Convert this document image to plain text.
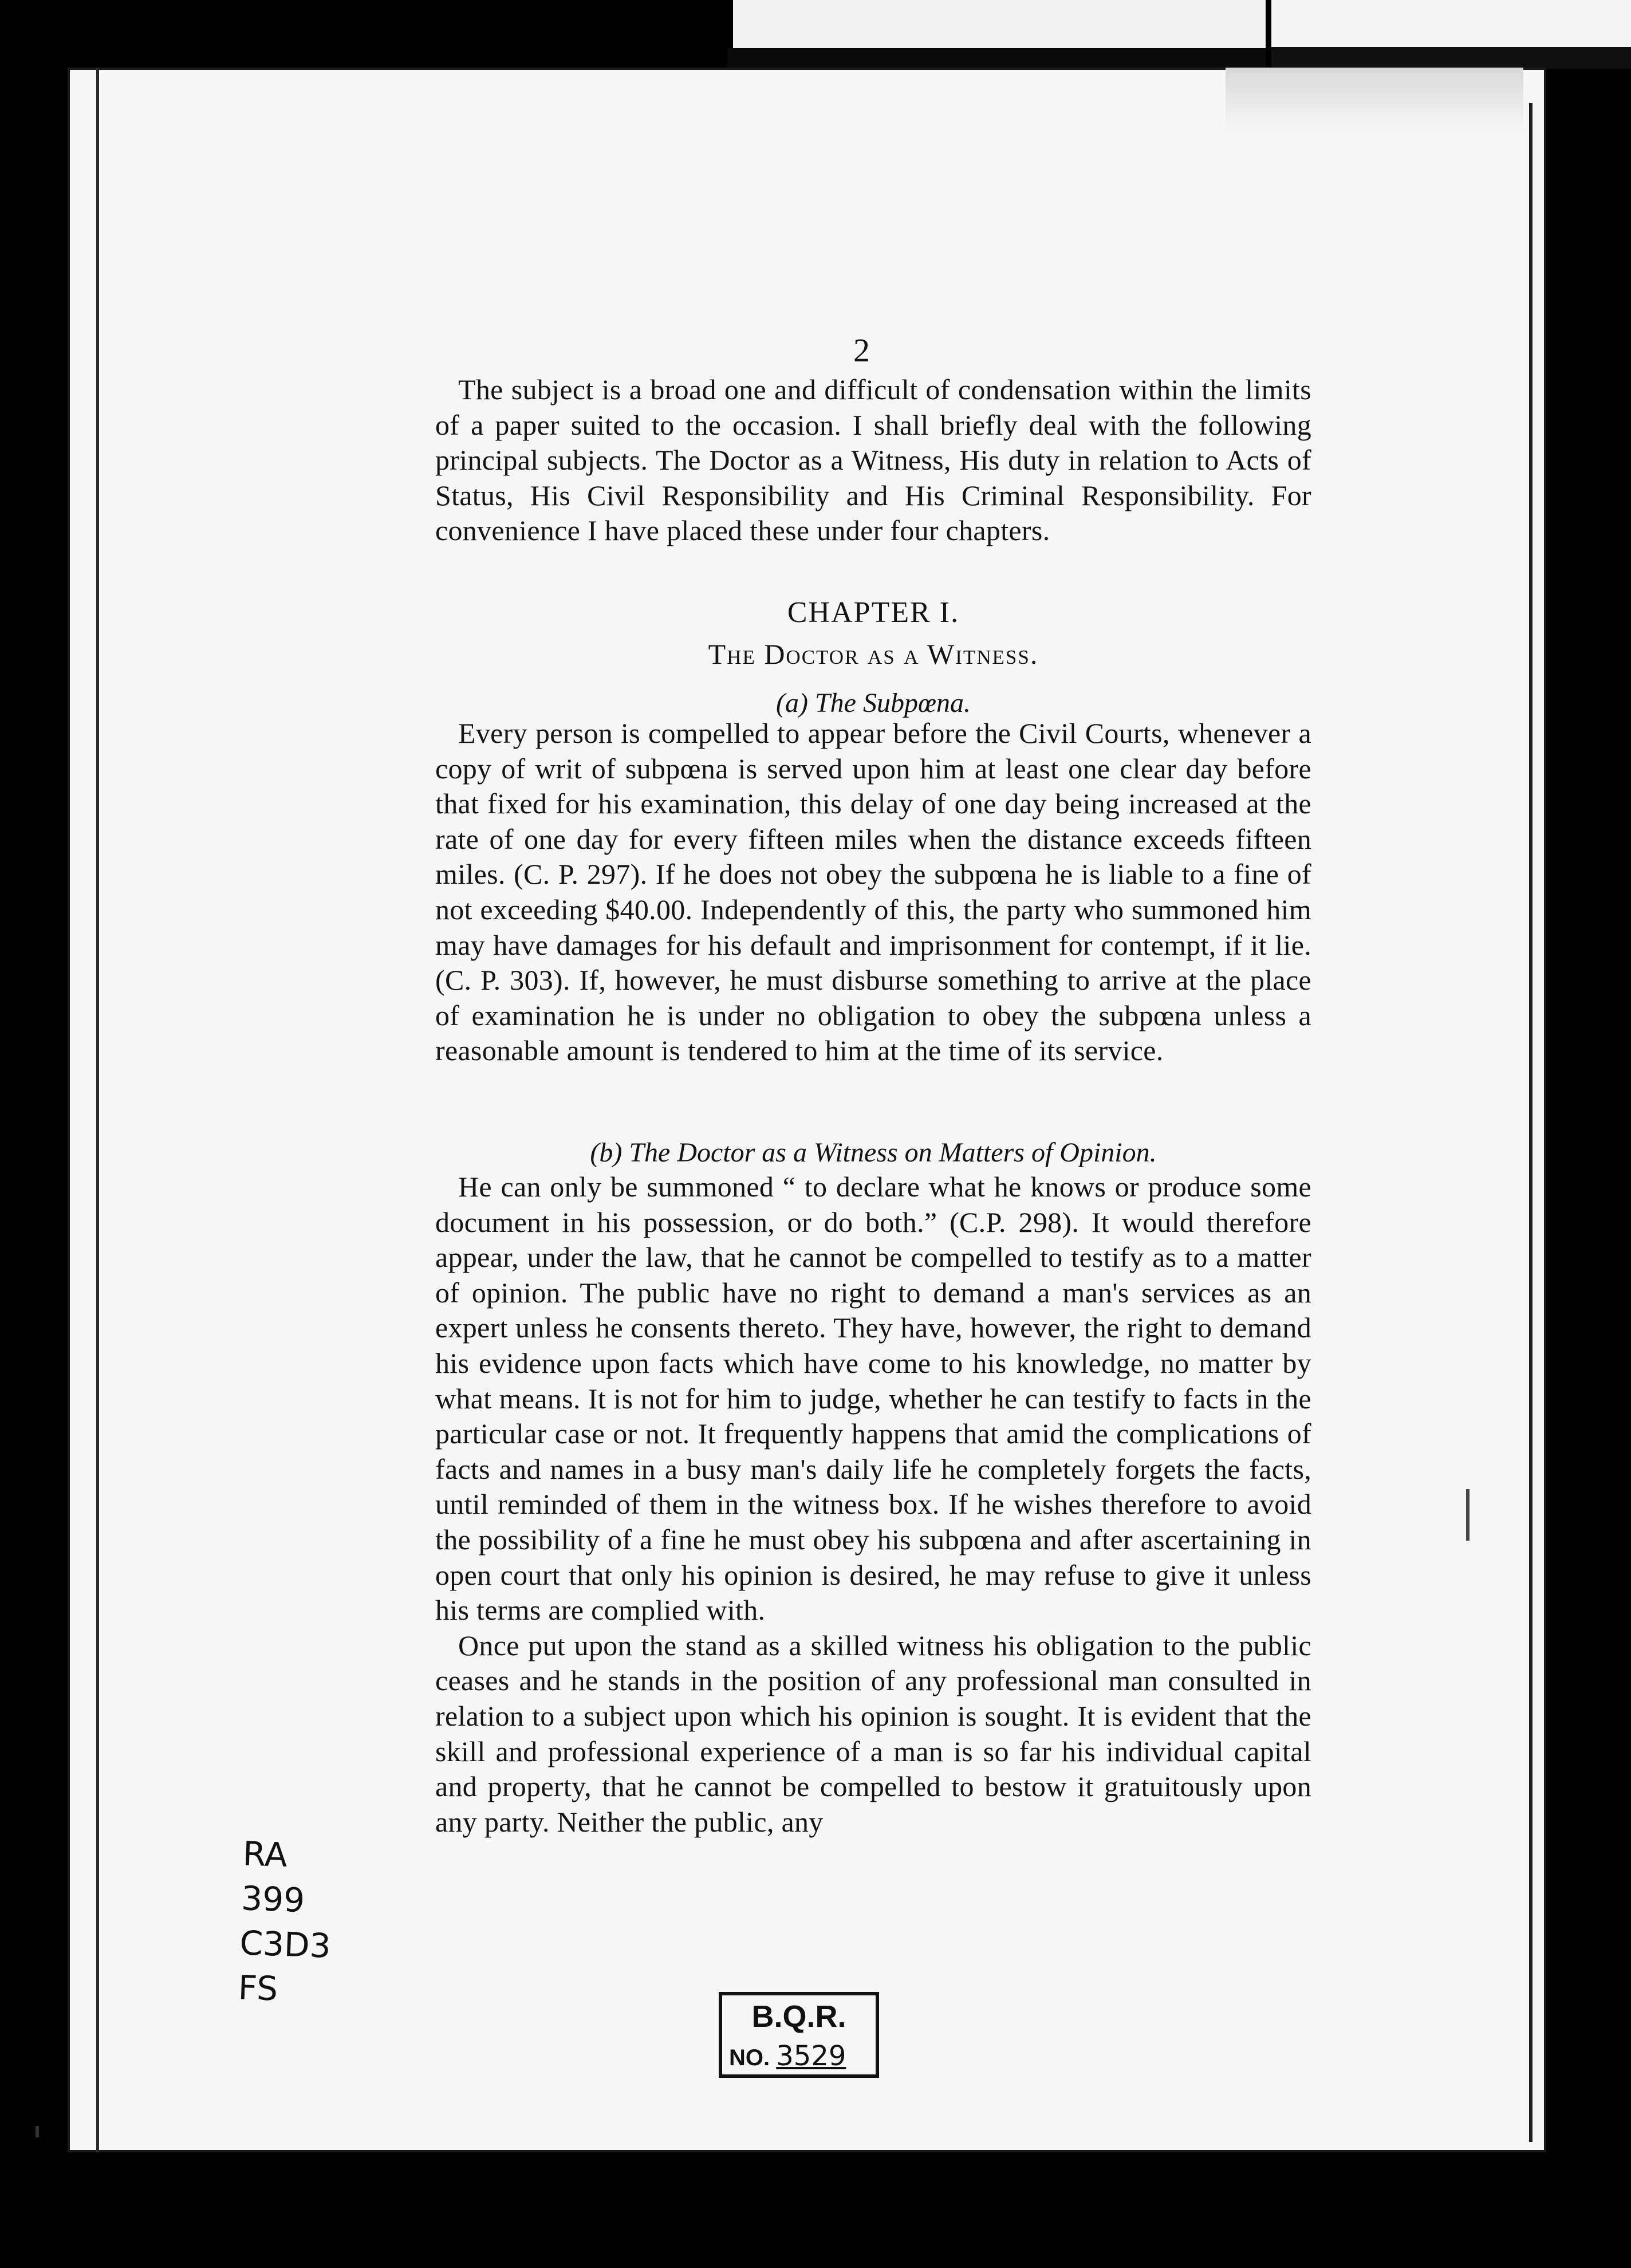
2

The subject is a broad one and difficult of condensation within the limits of a paper suited to the occasion. I shall briefly deal with the following principal subjects. The Doctor as a Witness, His duty in relation to Acts of Status, His Civil Responsibility and His Criminal Responsibility. For convenience I have placed these under four chapters.

CHAPTER I.
The Doctor as a Witness.
(a) The Subpœna.

Every person is compelled to appear before the Civil Courts, whenever a copy of writ of subpœna is served upon him at least one clear day before that fixed for his examination, this delay of one day being increased at the rate of one day for every fifteen miles when the distance exceeds fifteen miles. (C. P. 297). If he does not obey the subpœna he is liable to a fine of not exceeding $40.00. Independently of this, the party who summoned him may have damages for his default and imprisonment for contempt, if it lie. (C. P. 303). If, however, he must disburse something to arrive at the place of examination he is under no obligation to obey the subpœna unless a reasonable amount is tendered to him at the time of its service.

(b) The Doctor as a Witness on Matters of Opinion.

He can only be summoned “ to declare what he knows or produce some document in his possession, or do both.” (C.P. 298). It would therefore appear, under the law, that he cannot be compelled to testify as to a matter of opinion. The public have no right to demand a man's services as an expert unless he consents thereto. They have, however, the right to demand his evidence upon facts which have come to his knowledge, no matter by what means. It is not for him to judge, whether he can testify to facts in the particular case or not. It frequently happens that amid the complications of facts and names in a busy man's daily life he completely forgets the facts, until reminded of them in the witness box. If he wishes therefore to avoid the possibility of a fine he must obey his subpœna and after ascertaining in open court that only his opinion is desired, he may refuse to give it unless his terms are complied with.

Once put upon the stand as a skilled witness his obligation to the public ceases and he stands in the position of any professional man consulted in relation to a subject upon which his opinion is sought. It is evident that the skill and professional experience of a man is so far his individual capital and property, that he cannot be compelled to bestow it gratuitously upon any party. Neither the public, any

RA
399
C3D3
FS
B.Q.R.
NO. 3529
